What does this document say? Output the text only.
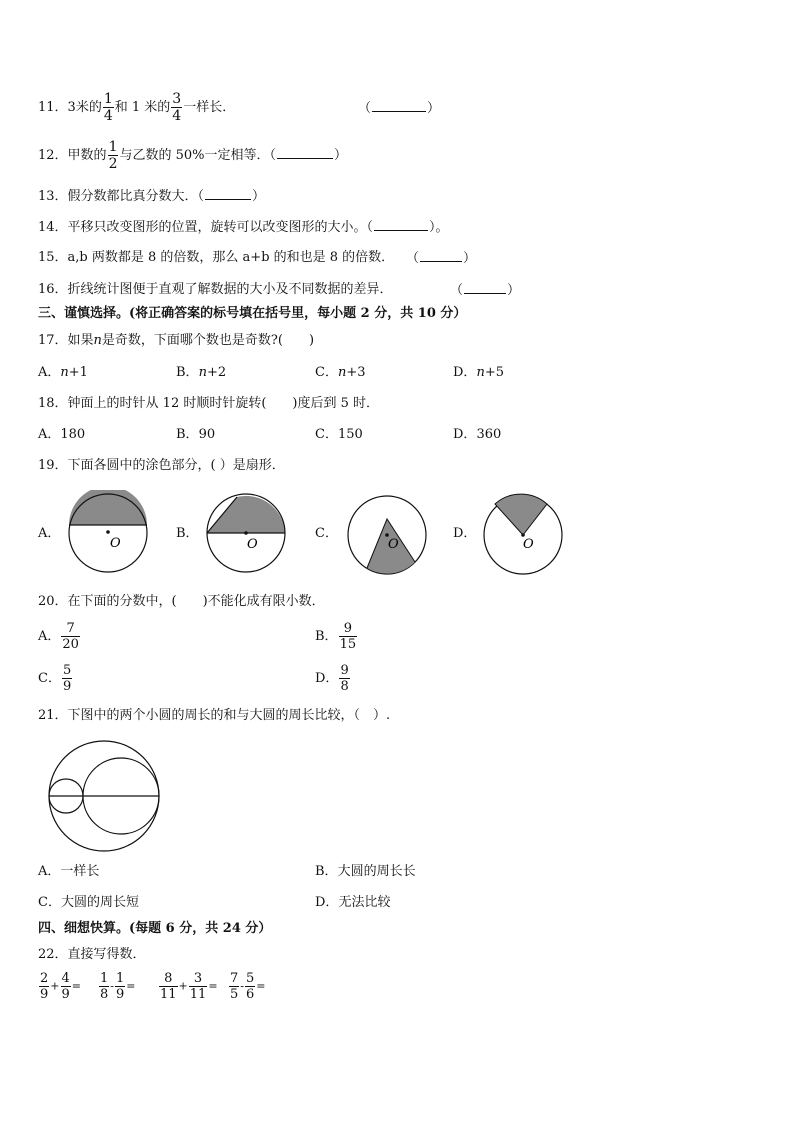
11．3米的 $\frac{1}{4}$ 和 1 米的 $\frac{3}{4}$ 一样长．	（	）
12．甲数的 $\frac{1}{2}$ 与乙数的 50%一定相等．（	）
13．假分数都比真分数大．（	）
14．平移只改变图形的位置，旋转可以改变图形的大小。（	）。
15．a,b 两数都是 8 的倍数，那么 a+b 的和也是 8 的倍数． （	）
16．折线统计图便于直观了解数据的大小及不同数据的差异．	（	）
三、谨慎选择。(将正确答案的标号填在括号里，每小题 2 分，共 10 分）
17．如果n是奇数，下面哪个数也是奇数?(　　)
A．n+1	B．n+2	C．n+3	D．n+5
18．钟面上的时针从 12 时顺时针旋转(　　)度后到 5 时．
A．180	B．90	C．150	D．360
19．下面各圆中的涂色部分，( ）是扇形．
A．	B．	C．	D．
O	O	O	O
20．在下面的分数中，(　　)不能化成有限小数．
A． $\frac{7}{20}$	B． $\frac{9}{15}$
C． $\frac{5}{9}$	D． $\frac{9}{8}$
21．下图中的两个小圆的周长的和与大圆的周长比较，（　）.
A．一样长	B．大圆的周长长
C．大圆的周长短	D．无法比较
四、细想快算。(每题 6 分，共 24 分）
22．直接写得数．
$\frac{2}{9} + \frac{4}{9} = \frac{1}{8} - \frac{1}{9} = \frac{8}{11} + \frac{3}{11} = \frac{7}{5} - \frac{5}{6}$ =
